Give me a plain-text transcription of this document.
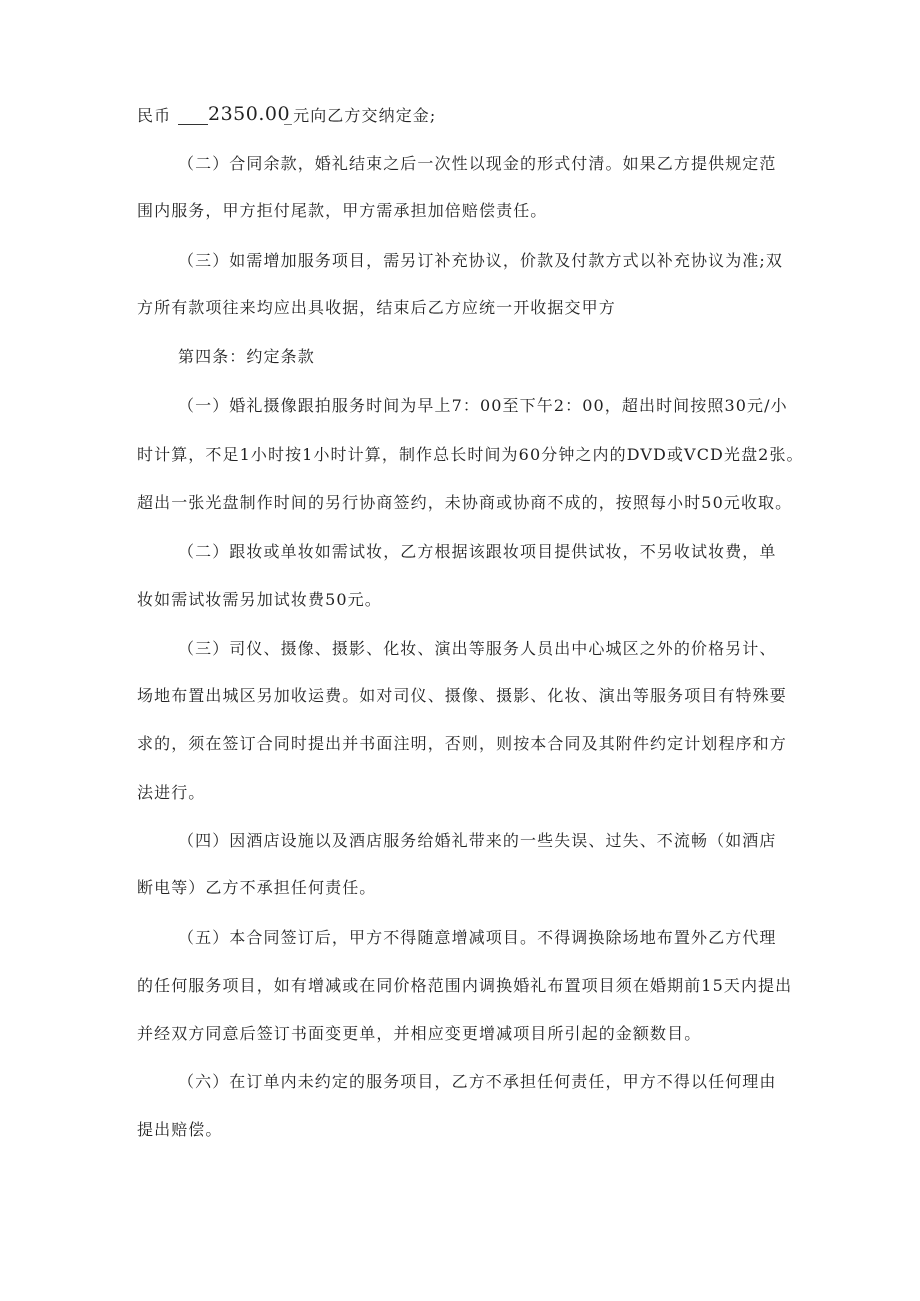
民币 2350.00
_元向乙方交纳定金;
（二）合同余款，婚礼结束之后一次性以现金的形式付清。如果乙方提供规定范
围内服务，甲方拒付尾款，甲方需承担加倍赔偿责任。
（三）如需增加服务项目，需另订补充协议，价款及付款方式以补充协议为准;双
方所有款项往来均应出具收据，结束后乙方应统一开收据交甲方
第四条：约定条款
（一）婚礼摄像跟拍服务时间为早上7：00至下午2：00，超出时间按照30元/小
时计算，不足1小时按1小时计算，制作总长时间为60分钟之内的DVD或VCD光盘2张。
超出一张光盘制作时间的另行协商签约，未协商或协商不成的，按照每小时50元收取。
（二）跟妆或单妆如需试妆，乙方根据该跟妆项目提供试妆，不另收试妆费，单
妆如需试妆需另加试妆费50元。
（三）司仪、摄像、摄影、化妆、演出等服务人员出中心城区之外的价格另计、
场地布置出城区另加收运费。如对司仪、摄像、摄影、化妆、演出等服务项目有特殊要
求的，须在签订合同时提出并书面注明，否则，则按本合同及其附件约定计划程序和方
法进行。
（四）因酒店设施以及酒店服务给婚礼带来的一些失误、过失、不流畅（如酒店
断电等）乙方不承担任何责任。
（五）本合同签订后，甲方不得随意增减项目。不得调换除场地布置外乙方代理
的任何服务项目，如有增减或在同价格范围内调换婚礼布置项目须在婚期前15天内提出
并经双方同意后签订书面变更单，并相应变更增减项目所引起的金额数目。
（六）在订单内未约定的服务项目，乙方不承担任何责任，甲方不得以任何理由
提出赔偿。
